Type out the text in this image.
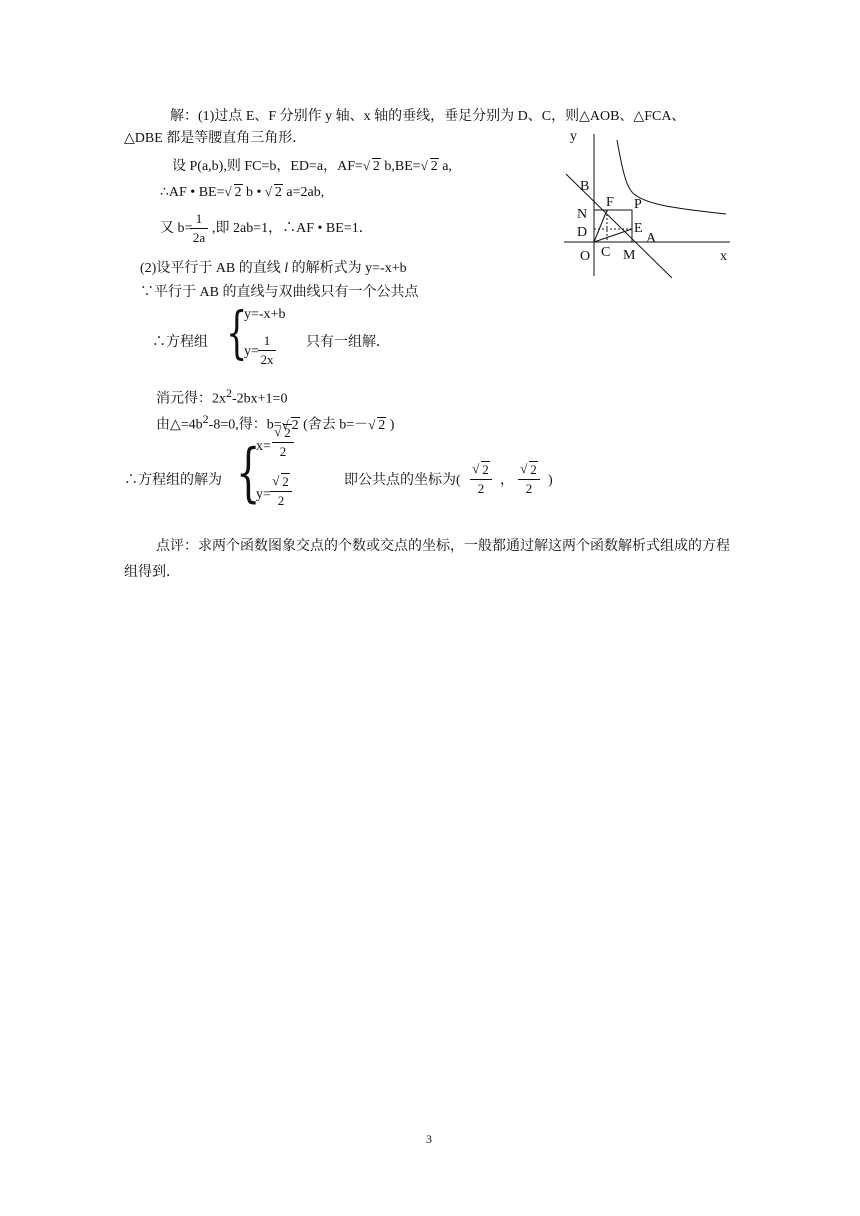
解：(1)过点 E、F 分别作 y 轴、x 轴的垂线，垂足分别为 D、C，则△AOB、△FCA、
△DBE 都是等腰直角三角形．
设 P(a,b),则 FC=b，ED=a，AF= √ 2 b,BE= √ 2 a,
∴AF • BE= √ 2 b • √ 2 a=2ab,
又 b=
1
2a
,即 2ab=1，∴AF • BE=1．
(2)设平行于 AB 的直线 l 的解析式为 y=-x+b
∵平行于 AB 的直线与双曲线只有一个公共点
∴方程组 {
y=-x+b
y=
1
2x
只有一组解．
消元得：$2x^2-2bx+1=0$
由$\triangle=4b^2-8=0$,得：b= √ 2 (舍去 b=－ √ 2 )
∴方程组的解为 {
x=
√ 2
2
y=
√ 2
2
即公共点的坐标为(
√ 2
2
，
√ 2
2
)
点评：求两个函数图象交点的个数或交点的坐标，一般都通过解这两个函数解析式组成的方程
组得到．
y
x
O
B
F P
N
D	E
A
C M
3
